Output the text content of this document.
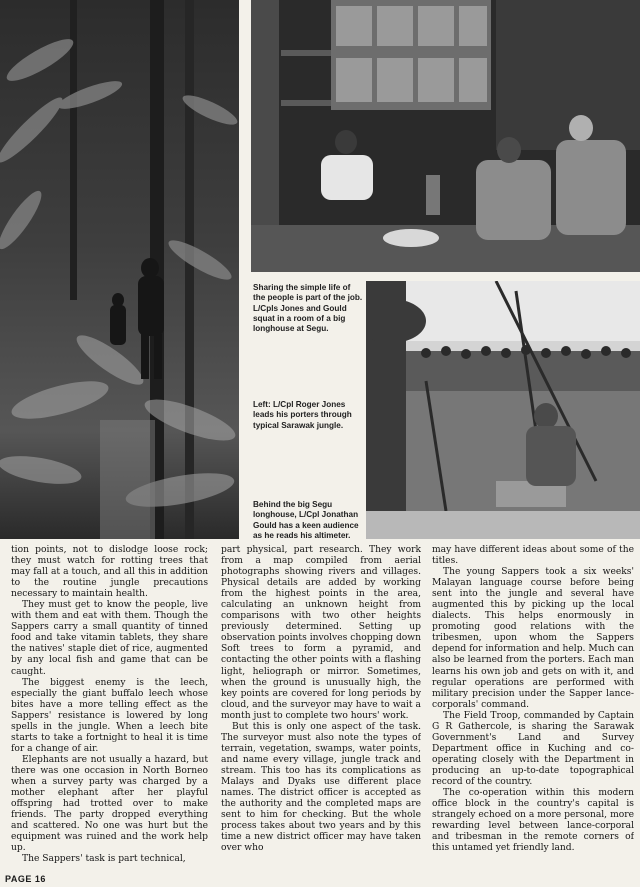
Sharing the simple life of the people is part of the job. L/Cpls Jones and Gould squat in a room of a big longhouse at Segu.
Left: L/Cpl Roger Jones leads his porters through typical Sarawak jungle.
Behind the big Segu longhouse, L/Cpl Jonathan Gould has a keen audience as he reads his altimeter.

tion points, not to dislodge loose rock; they must watch for rotting trees that may fall at a touch, and all this in addition to the routine jungle precautions necessary to maintain health.

They must get to know the people, live with them and eat with them. Though the Sappers carry a small quantity of tinned food and take vitamin tablets, they share the natives' staple diet of rice, augmented by any local fish and game that can be caught.

The biggest enemy is the leech, especially the giant buffalo leech whose bites have a more telling effect as the Sappers' resistance is lowered by long spells in the jungle. When a leech bite starts to take a fortnight to heal it is time for a change of air.

Elephants are not usually a hazard, but there was one occasion in North Borneo when a survey party was charged by a mother elephant after her playful offspring had trotted over to make friends. The party dropped everything and scattered. No one was hurt but the equipment was ruined and the work help up.

The Sappers' task is part technical,

part physical, part research. They work from a map compiled from aerial photographs showing rivers and villages. Physical details are added by working from the highest points in the area, calculating an unknown height from comparisons with two other heights previously determined. Setting up observation points involves chopping down Soft trees to form a pyramid, and contacting the other points with a flashing light, heliograph or mirror. Sometimes, when the ground is unusually high, the key points are covered for long periods by cloud, and the surveyor may have to wait a month just to complete two hours' work.

But this is only one aspect of the task. The surveyor must also note the types of terrain, vegetation, swamps, water points, and name every village, jungle track and stream. This too has its complications as Malays and Dyaks use different place names. The district officer is accepted as the authority and the completed maps are sent to him for checking. But the whole process takes about two years and by this time a new district officer may have taken over who

may have different ideas about some of the titles.

The young Sappers took a six weeks' Malayan language course before being sent into the jungle and several have augmented this by picking up the local dialects. This helps enormously in promoting good relations with the tribesmen, upon whom the Sappers depend for information and help. Much can also be learned from the porters. Each man learns his own job and gets on with it, and regular operations are performed with military precision under the Sapper lance-corporals' command.

The Field Troop, commanded by Captain G R Gathercole, is sharing the Sarawak Government's Land and Survey Department office in Kuching and co-operating closely with the Department in producing an up-to-date topographical record of the country.

The co-operation within this modern office block in the country's capital is strangely echoed on a more personal, more rewarding level between lance-corporal and tribesman in the remote corners of this untamed yet friendly land.

PAGE 16
